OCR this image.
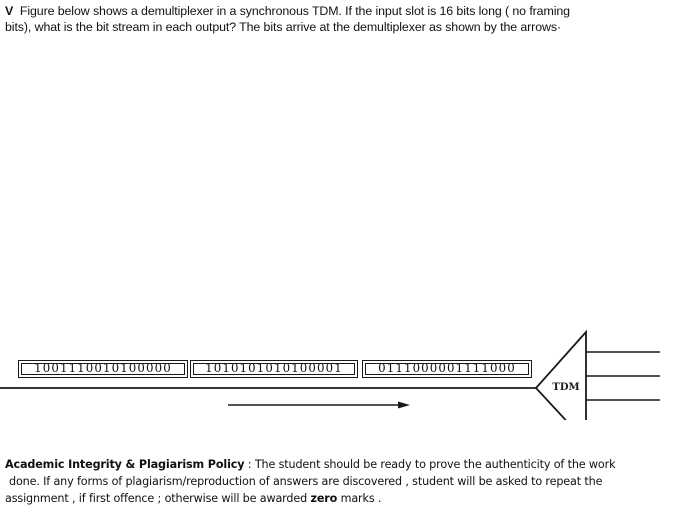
V Figure below shows a demultiplexer in a synchronous TDM. If the input slot is 16 bits long ( no framing
bits), what is the bit stream in each output? The bits arrive at the demultiplexer as shown by the arrows·
TDM
1001110010100000	1010101010100001	0111000001111000
Academic Integrity & Plagiarism Policy : The student should be ready to prove the authenticity of the work
done. If any forms of plagiarism/reproduction of answers are discovered , student will be asked to repeat the
assignment , if first offence ; otherwise will be awarded zero marks .
